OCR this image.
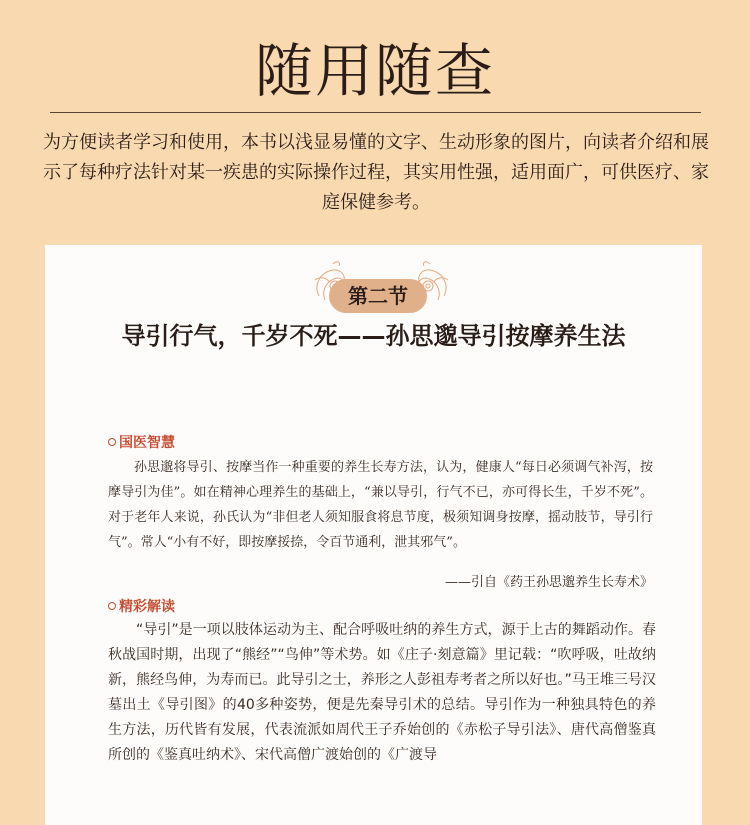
随用随查

为方便读者学习和使用，本书以浅显易懂的文字、生动形象的图片，向读者介绍和展示了每种疗法针对某一疾患的实际操作过程，其实用性强，适用面广，可供医疗、家庭保健参考。

第二节
导引行气，千岁不死——孙思邈导引按摩养生法
国医智慧

孙思邈将导引、按摩当作一种重要的养生长寿方法，认为，健康人“每日必须调气补泻，按摩导引为佳”。如在精神心理养生的基础上，“兼以导引，行气不已，亦可得长生，千岁不死”。对于老年人来说，孙氏认为“非但老人须知服食将息节度，极须知调身按摩，摇动肢节，导引行气”。常人“小有不好，即按摩挼捺，令百节通利，泄其邪气”。

——引自《药王孙思邈养生长寿术》
精彩解读

“导引”是一项以肢体运动为主、配合呼吸吐纳的养生方式，源于上古的舞蹈动作。春秋战国时期，出现了“熊经”“鸟伸”等术势。如《庄子·刻意篇》里记载：“吹呼吸，吐故纳新，熊经鸟伸，为寿而已。此导引之士，养形之人彭祖寿考者之所以好也。”马王堆三号汉墓出土《导引图》的40多种姿势，便是先秦导引术的总结。导引作为一种独具特色的养生方法，历代皆有发展，代表流派如周代王子乔始创的《赤松子导引法》、唐代高僧鉴真所创的《鉴真吐纳术》、宋代高僧广渡始创的《广渡导
